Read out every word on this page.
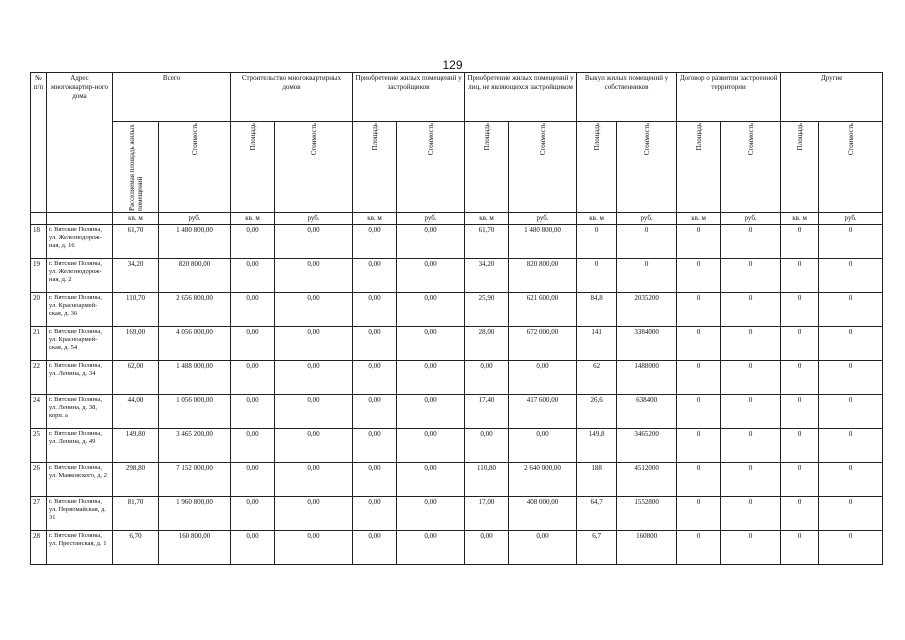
129
№ п/п	Адрес многоквартир-ного дома	Всего		Строительство многоквартирных домов		Приобретение жилых помещений у застройщиков		Приобретение жилых помещений у лиц, не являющихся застройщиком		Выкуп жилых помещений у собственников		Договор о развитии застроенной территории		Другие	

		Расселяемая площадь жилых помещений	Стоимость	Площадь	Стоимость	Площадь	Стоимость	Площадь	Стоимость	Площадь	Стоимость	Площадь	Стоимость	Площадь	Стоимость

		кв. м	руб.	кв. м	руб.	кв. м	руб.	кв. м	руб.	кв. м	руб.	кв. м	руб.	кв. м	руб.
18	г. Вятские Поляны, ул. Железнодорож-ная, д. 16	61,70	1 480 800,00	0,00	0,00	0,00	0,00	61,70	1 480 800,00	0	0	0	0	0	0
19	г. Вятские Поляны, ул. Железнодорож-ная, д. 2	34,20	820 800,00	0,00	0,00	0,00	0,00	34,20	820 800,00	0	0	0	0	0	0
20	г. Вятские Поляны, ул. Красноармей-ская, д. 36	110,70	2 656 800,00	0,00	0,00	0,00	0,00	25,90	621 600,00	84,8	2035200	0	0	0	0
21	г. Вятские Поляны, ул. Красноармей-ская, д. 54	169,00	4 056 000,00	0,00	0,00	0,00	0,00	28,00	672 000,00	141	3384000	0	0	0	0
22	г. Вятские Поляны, ул. Ленина, д. 34	62,00	1 488 000,00	0,00	0,00	0,00	0,00	0,00	0,00	62	1488000	0	0	0	0
24	г. Вятские Поляны, ул. Ленина, д. 38, корп. а	44,00	1 056 000,00	0,00	0,00	0,00	0,00	17,40	417 600,00	26,6	638400	0	0	0	0
25	г. Вятские Поляны, ул. Ленина, д. 49	149,80	3 465 200,00	0,00	0,00	0,00	0,00	0,00	0,00	149,8	3465200	0	0	0	0
26	г. Вятские Поляны, ул. Маяковского, д. 2	298,80	7 152 000,00	0,00	0,00	0,00	0,00	110,80	2 640 000,00	188	4512000	0	0	0	0
27	г. Вятские Поляны, ул. Первомайская, д. 31	81,70	1 960 800,00	0,00	0,00	0,00	0,00	17,00	408 000,00	64,7	1552800	0	0	0	0
28	г. Вятские Поляны, ул. Престанская, д. 1	6,70	160 800,00	0,00	0,00	0,00	0,00	0,00	0,00	6,7	160800	0	0	0	0
